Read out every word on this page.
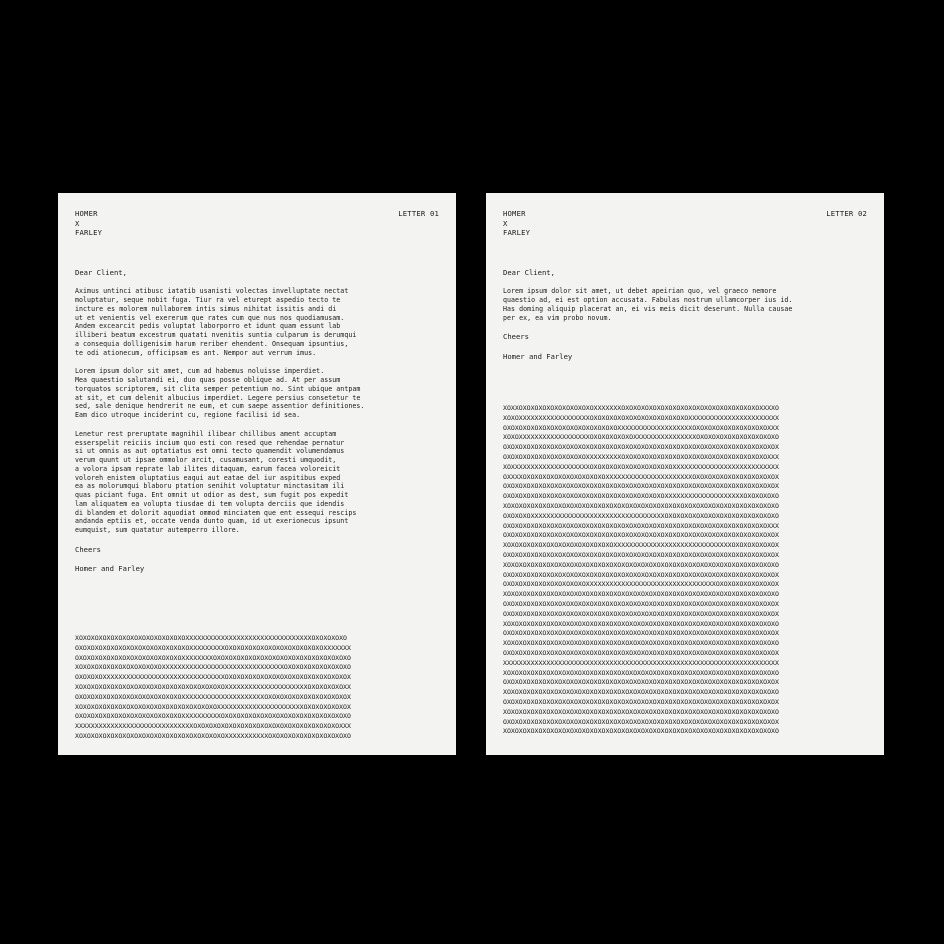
HOMER
X
FARLEY
LETTER 01
Dear Client,
Aximus untinci atibusc iatatib usanisti volectas invelluptate nectat
moluptatur, seque nobit fuga. Tiur ra vel eturept aspedio tecto te
incture es molorem nullaborem intis simus nihitat issitis andi di
ut et venientis vel exererum que rates cum que nus nos quodiamusam.
Andem excearcit pedis voluptat laborporro et idunt quam essunt lab
illiberi beatum excestrum quatati nvenitis suntia culparum is derumqui
a consequia dolligenisim harum reriber ehendent. Onsequam ipsuntius,
te odi ationecum, officipsam es ant. Nempor aut verrum imus.
Lorem ipsum dolor sit amet, cum ad habemus noluisse imperdiet.
Mea quaestio salutandi ei, duo quas posse oblique ad. At per assum
torquatos scriptorem, sit clita semper petentium no. Sint ubique antpam
at sit, et cum delenit albucius imperdiet. Legere persius consetetur te
sed, sale denique hendrerit ne eum, et cum saepe assentior definitiones.
Eam dico utroque inciderint cu, regione facilisi id sea.
Lenetur rest preruptate magnihil ilibear chillibus ament accuptam
esserspelit reiciis incium quo esti con resed que rehendae pernatur
si ut omnis as aut optatiatus est omni tecto quamendit volumendamus
verum quunt ut ipsae ommolor arcit, cusamusant, coresti umquodit,
a volora ipsam reprate lab ilites ditaquam, earum facea voloreicit
voloreh enistem oluptatius eaqui aut eatae del iur aspitibus exped
ea as molorumqui blaboru ptation senihit voluptatur minctasitam ili
quas piciant fuga. Ent omnit ut odior as dest, sum fugit pos expedit
lam aliquatem ea volupta tiusdae di tem volupta derciis que idendis
di blandem et dolorit aquodiat ommod minciatem que ent essequi rescips
andanda eptiis et, occate venda dunto quam, id ut exerionecus ipsunt
eumquist, sum quatatur autemperro illore.
Cheers
Homer and Farley
XOXOXOXOXOXOXOXOXOXOXOXOXOXOXXXXXXXXXXXXXXXXXXXXXXXXXXXXXXXXOXOXOXOXO
OXOXOXOXOXOXOXOXOXOXOXOXOXOXOXXXXXXXXXOXOXOXOXOXOXOXOXOXOXOXOXOXXXXXXX
OXOXOXOXOXOXOXOXOXOXOXOXOXOXXXXXXXXOXOXOXOXOXOXOXOXOXOXOXOXOXOXOXOXOXO
XOXOXOXOXOXOXOXOXOXOXOXXXXXXXXXXXXXXXXXXXXXXXXXXXXXXXOXOXOXOXOXOXOXOXO
OXOXOXOXXXXXXXXXXXXXXXXXXXXXXXXXXXXXXXOXOXOXOXOXOXOXOXOXOXOXOXOXOXOXOX
XOXOXOXOXOXOXOXOXOXOXOXOXOXOXOXOXOXOXOXXXXXXXXXXXXXXXXXXXXXOXOXOXOXOXX
OXOXOXOXOXOXOXOXOXOXOXOXOXOXXXXXXXXXXXXXXXXXXXXXOXOXOXOXOXOXOXOXOXOXOX
XOXOXOXOXOXOXOXOXOXOXOXOXOXOXOXOXOXOXXXXXXXXXXXXXXXXXXXXXXOXOXOXOXOXOX
OXOXOXOXOXOXOXOXOXOXOXOXOXOXXXXXXXXXXOXOXOXOXOXOXOXOXOXOXOXOXOXOXOXOXO
XXXXXXXXXXXXXXXXXXXXXXXXXXXXXXOXOXOXOXOXOXOXOXOXOXOXOXOXOXOXOXOXOXOXXX
XOXOXOXOXOXOXOXOXOXOXOXOXOXOXOXOXOXOXOXXXXXXXXXXXOXOXOXOXOXOXOXOXOXOXO
HOMER
X
FARLEY
LETTER 02
Dear Client,
Lorem ipsum dolor sit amet, ut debet apeirian quo, vel graeco nemore
quaestio ad, ei est option accusata. Fabulas nostrum ullamcorper ius id.
Has doming aliquip placerat an, ei vis meis dicit deserunt. Nulla causae
per ex, ea vim probo novum.
Cheers
Homer and Farley
XOXXOXOXOXOXOXOXOXOXOXOXXXXXXXOXOXOXOXOXOXOXOXOXOXOXOXOXOXOXOXOXOXXXXO
XOXOXXXXXXXXXXXXXXXXXXOXOXOXOXOXOXOXOXOXOXOXOXOXXXXXXXXXXXXXXXXXXXXXXX
OXOXOXOXOXOXOXOXOXOXOXOXOXOXOXXXXXXXXXXXXXXXXXXXOXOXOXOXOXOXOXOXOXOXXX
XOXOXXXXXXXXXXXXXXXXXXOXOXOXOXOXOXXXXXXXXXXXXXXXXOXOXOXOXOXOXOXOXOXOXO
OXOXOXOXOXOXOXOXOXOXOXOXOXOXOXOXOXOXOXOXOXOXOXOXOXOXOXOXOXOXOXOXOXOXOX
OXOXOXOXOXOXOXOXOXOXOXXXXXXXXXOXOXOXOXOXOXOXOXOXOXOXOXOXOXOXOXOXOXOXXX
XOXXXXXXXXXXXXXXXXXXXXOXOXOXOXOXOXOXOXOXOXOXXXXXXXXXXXXXXXXXXXXXXXXXXX
OXXXXOXOXOXOXOXOXOXOXOXOXOXXXXXXXXXXXXXXXXXXXXXXOXOXOXOXOXOXOXOXOXOXOX
OXOXOXOXOXOXOXOXOXOXOXOXOXOXOXOXOXOXOXOXOXOXOXOXOXOXOXOXOXOXOXOXOXOXOX
OXOXOXOXOXOXOXOXOXOXOXOXOXOXOXOXOXOXOXOXOXXXXXXXXXXXXXXXXXXXXOXOXOXOXO
XOXOXOXOXOXOXOXOXOXOXOXOXOXOXOXOXOXOXOXOXOXOXOXOXOXOXOXOXOXOXOXOXOXOXO
OXOXOXOXXXXXXXXXXXXXXXXXXXXXXXXXXXXXXXXXXOXOXOXOXOXOXOXOXOXOXOXOXOXOXO
OXOXOXOXOXOXOXOXOXOXOXOXOXOXOXOXOXOXOXOXOXOXOXOXOXOXOXOXOXOXOXOXOXOXXX
OXOXOXOXOXOXOXOXOXOXOXOXOXOXOXOXOXOXOXOXOXOXOXOXOXOXOXOXOXOXOXOXOXOXOX
XOXOXOXOXOXOXOXOXOXOXOXOXOXOXXXXXXXXXXXXXXXXXXXXXXXXXXXXXXOXOXOXOXOXOX
OXOXOXOXOXOXOXOXOXOXOXOXOXOXOXOXOXOXOXOXOXOXOXOXOXOXOXOXOXOXOXOXOXOXOX
XOXOXOXOXOXOXOXOXOXOXOXOXOXOXOXOXOXOXOXOXOXOXOXOXOXOXOXOXOXOXOXOXOXOXO
OXOXOXOXOXOXOXOXOXOXOXOXOXOXOXOXOXOXOXOXOXOXOXOXOXOXOXOXOXOXOXOXOXOXOX
OXOXOXOXOXOXOXOXOXOXOXXXXXXXXXXXXXXXXXXXXXXXXXXXXXXXXXOXOXOXOXOXOXOXOX
XOXOXOXOXOXOXOXOXOXOXOXOXOXOXOXOXOXOXOXOXOXOXOXOXOXOXOXOXOXOXOXOXOXOXO
OXOXOXOXOXOXOXOXOXOXOXOXOXOXOXOXOXOXOXOXOXOXOXOXOXOXOXOXOXOXOXOXOXOXOX
OXOXOXOXOXOXOXOXOXOXOXOXOXOXOXOXOXOXOXOXOXOXOXOXOXOXOXOXOXOXOXOXOXOXOX
XOXOXOXOXOXOXOXOXOXOXOXOXOXOXOXOXOXOXOXOXOXOXOXOXOXOXOXOXOXOXOXOXOXOXO
OXOXOXOXOXOXOXOXOXOXOXOXOXOXOXOXOXOXOXOXOXOXOXOXOXOXOXOXOXOXOXOXOXOXOX
XOXOXOXOXOXOXOXOXOXOXOXOXOXOXOXOXOXOXOXOXOXOXOXOXOXOXOXOXOXOXOXOXOXOXO
OXOXOXOXOXOXOXOXOXOXOXOXOXOXOXOXOXOXOXOXOXOXOXOXOXOXOXOXOXOXOXOXOXOXOX
XXXXXXXXXXXXXXXXXXXXXXXXXXXXXXXXXXXXXXXXXXXXXXXXXXXXXXXXXXXXXXXXXXXXXX
XOXOXOXOXOXOXOXOXOXOXOXOXOXOXOXOXOXOXOXOXOXOXOXOXOXOXOXOXOXOXOXOXOXOXO
OXOXOXOXOXOXOXOXOXOXOXOXOXOXOXOXOXOXOXOXOXOXOXOXOXOXOXOXOXOXOXOXOXOXOX
XOXOXOXOXOXOXOXOXOXOXOXOXOXOXOXOXOXOXOXOXOXOXOXOXOXOXOXOXOXOXOXOXOXOXO
OXOXOXOXOXOXOXOXOXOXOXOXOXOXOXOXOXOXOXOXOXOXOXOXOXOXOXOXOXOXOXOXOXOXOX
XOXOXOXOXOXOXOXOXOXOXOXOXOXOXOXOXOXOXOXOXOXOXOXOXOXOXOXOXOXOXOXOXOXOXO
OXOXOXOXOXOXOXOXOXOXOXOXOXOXOXOXOXOXOXOXOXOXOXOXOXOXOXOXOXOXOXOXOXOXOX
XOXOXOXOXOXOXOXOXOXOXOXOXOXOXOXOXOXOXOXOXOXOXOXOXOXOXOXOXOXOXOXOXOXOXO
